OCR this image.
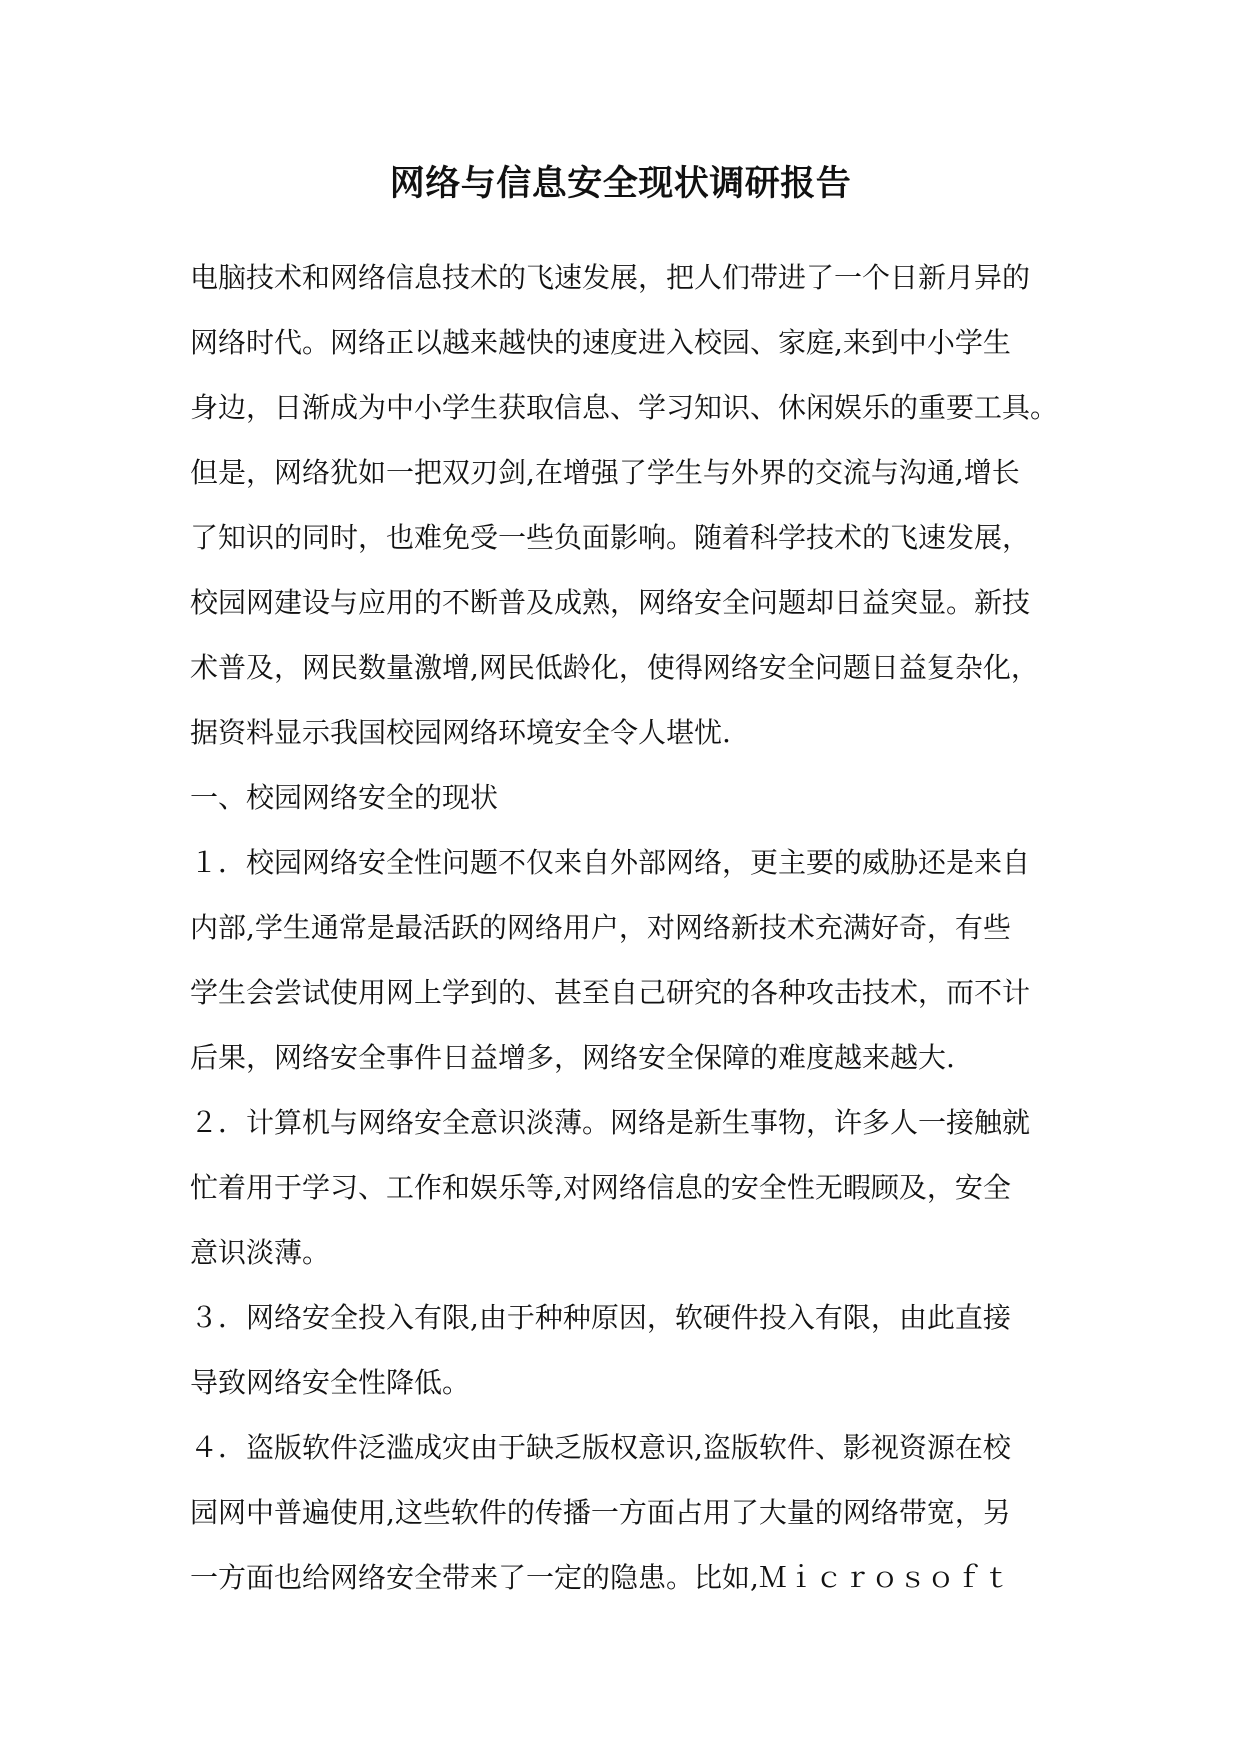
网络与信息安全现状调研报告

电脑技术和网络信息技术的飞速发展，把人们带进了一个日新月异的

网络时代。网络正以越来越快的速度进入校园、家庭,来到中小学生

身边，日渐成为中小学生获取信息、学习知识、休闲娱乐的重要工具。

但是，网络犹如一把双刃剑,在增强了学生与外界的交流与沟通,增长

了知识的同时，也难免受一些负面影响。随着科学技术的飞速发展，

校园网建设与应用的不断普及成熟，网络安全问题却日益突显。新技

术普及，网民数量激增,网民低龄化，使得网络安全问题日益复杂化，

据资料显示我国校园网络环境安全令人堪忧.

一、校园网络安全的现状

１．校园网络安全性问题不仅来自外部网络，更主要的威胁还是来自

内部,学生通常是最活跃的网络用户，对网络新技术充满好奇，有些

学生会尝试使用网上学到的、甚至自己研究的各种攻击技术，而不计

后果，网络安全事件日益增多，网络安全保障的难度越来越大.

２．计算机与网络安全意识淡薄。网络是新生事物，许多人一接触就

忙着用于学习、工作和娱乐等,对网络信息的安全性无暇顾及，安全

意识淡薄。

３．网络安全投入有限,由于种种原因，软硬件投入有限，由此直接

导致网络安全性降低。

４．盗版软件泛滥成灾由于缺乏版权意识,盗版软件、影视资源在校

园网中普遍使用,这些软件的传播一方面占用了大量的网络带宽，另

一方面也给网络安全带来了一定的隐患。比如,Ｍｉｃｒｏｓｏｆｔ
